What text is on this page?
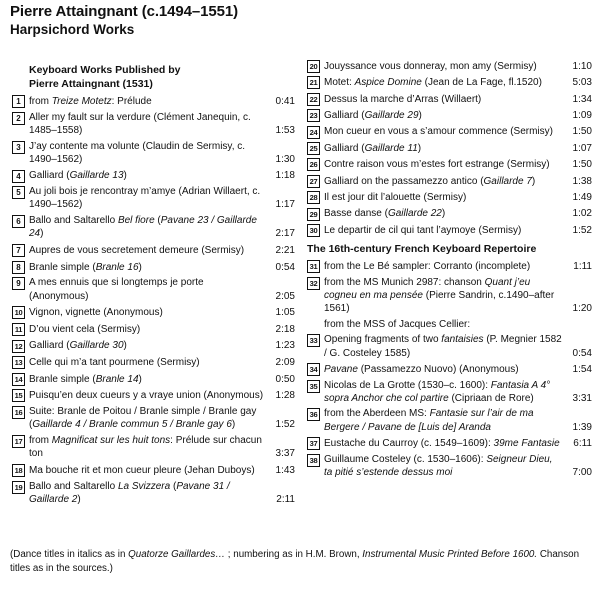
Pierre Attaingnant (c.1494–1551)
Harpsichord Works
Keyboard Works Published by
Pierre Attaingnant (1531)
1 from Treize Motetz: Prélude	0:41
2 Aller my fault sur la verdure (Clément Janequin, c. 1485–1558)	1:53
3 J’ay contente ma volunte (Claudin de Sermisy, c. 1490–1562)	1:30
4 Galliard (Gaillarde 13)	1:18
5 Au joli bois je rencontray m’amye (Adrian Willaert, c. 1490–1562)	1:17
6 Ballo and Saltarello Bel fiore (Pavane 23 / Gaillarde 24)	2:17
7 Aupres de vous secretement demeure (Sermisy)	2:21
8 Branle simple (Branle 16)	0:54
9 A mes ennuis que si longtemps je porte (Anonymous)	2:05
10 Vignon, vignette (Anonymous)	1:05
11 D’ou vient cela (Sermisy)	2:18
12 Galliard (Gaillarde 30)	1:23
13 Celle qui m’a tant pourmene (Sermisy)	2:09
14 Branle simple (Branle 14)	0:50
15 Puisqu’en deux cueurs y a vraye union (Anonymous)	1:28
16 Suite: Branle de Poitou / Branle simple / Branle gay (Gaillarde 4 / Branle commun 5 / Branle gay 6)	1:52
17 from Magnificat sur les huit tons: Prélude sur chacun ton	3:37
18 Ma bouche rit et mon cueur pleure (Jehan Duboys)	1:43
19 Ballo and Saltarello La Svizzera (Pavane 31 / Gaillarde 2)	2:11
20 Jouyssance vous donneray, mon amy (Sermisy)	1:10
21 Motet: Aspice Domine (Jean de La Fage, fl.1520)	5:03
22 Dessus la marche d’Arras (Willaert)	1:34
23 Galliard (Gaillarde 29)	1:09
24 Mon cueur en vous a s’amour commence (Sermisy)	1:50
25 Galliard (Gaillarde 11)	1:07
26 Contre raison vous m’estes fort estrange (Sermisy)	1:50
27 Galliard on the passamezzo antico (Gaillarde 7)	1:38
28 Il est jour dit l’alouette (Sermisy)	1:49
29 Basse danse (Gaillarde 22)	1:02
30 Le departir de cil qui tant l’aymoye (Sermisy)	1:52
The 16th-century French Keyboard Repertoire
31 from the Le Bé sampler: Corranto (incomplete)	1:11
32 from the MS Munich 2987: chanson Quant j’eu cogneu en ma pensée (Pierre Sandrin, c.1490–after 1561)	1:20
from the MSS of Jacques Cellier:
33 Opening fragments of two fantaisies (P. Megnier 1582 / G. Costeley 1585)	0:54
34 Pavane (Passamezzo Nuovo) (Anonymous)	1:54
35 Nicolas de La Grotte (1530–c. 1600): Fantasia A 4° sopra Anchor che col partire (Cipriaan de Rore)	3:31
36 from the Aberdeen MS: Fantasie sur l’air de ma Bergere / Pavane de [Luis de] Aranda	1:39
37 Eustache du Caurroy (c. 1549–1609): 39me Fantasie	6:11
38 Guillaume Costeley (c. 1530–1606): Seigneur Dieu, ta pitié s’estende dessus moi	7:00
(Dance titles in italics as in Quatorze Gaillardes… ; numbering as in H.M. Brown, Instrumental Music Printed Before 1600. Chanson titles as in the sources.)
